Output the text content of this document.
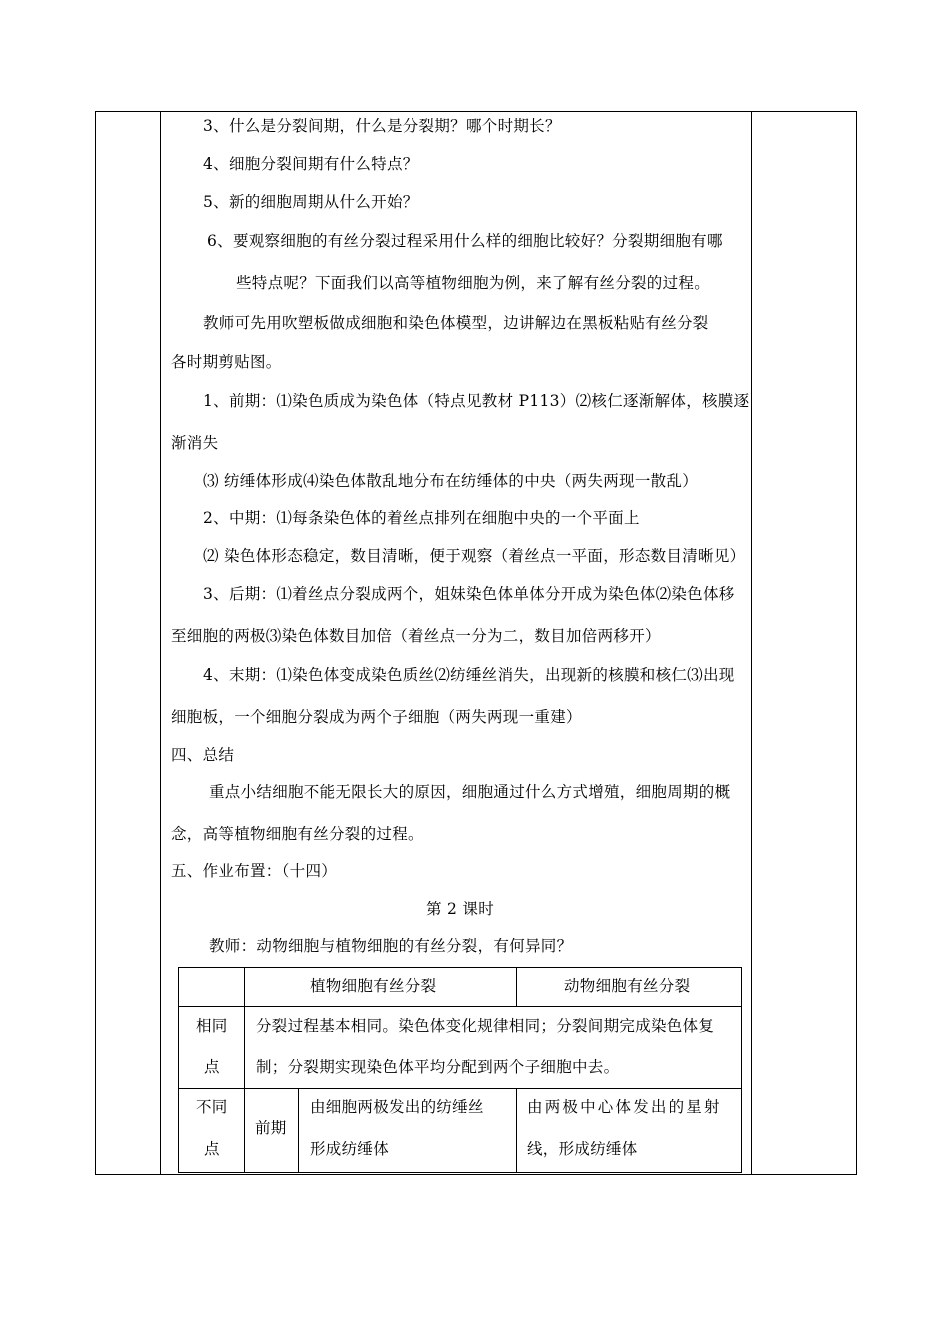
3、什么是分裂间期，什么是分裂期？哪个时期长？
4、细胞分裂间期有什么特点？
5、新的细胞周期从什么开始？
6、要观察细胞的有丝分裂过程采用什么样的细胞比较好？分裂期细胞有哪
些特点呢？下面我们以高等植物细胞为例，来了解有丝分裂的过程。
教师可先用吹塑板做成细胞和染色体模型，边讲解边在黑板粘贴有丝分裂
各时期剪贴图。
1、前期：⑴染色质成为染色体（特点见教材 P113）⑵核仁逐渐解体，核膜逐
渐消失
⑶ 纺缍体形成⑷染色体散乱地分布在纺缍体的中央（两失两现一散乱）
2、中期：⑴每条染色体的着丝点排列在细胞中央的一个平面上
⑵ 染色体形态稳定，数目清晰，便于观察（着丝点一平面，形态数目清晰见）
3、后期：⑴着丝点分裂成两个，姐妹染色体单体分开成为染色体⑵染色体移
至细胞的两极⑶染色体数目加倍（着丝点一分为二，数目加倍两移开）
4、末期：⑴染色体变成染色质丝⑵纺缍丝消失，出现新的核膜和核仁⑶出现
细胞板，一个细胞分裂成为两个子细胞（两失两现一重建）
四、总结
重点小结细胞不能无限长大的原因，细胞通过什么方式增殖，细胞周期的概
念，高等植物细胞有丝分裂的过程。
五、作业布置：（十四）
第 2 课时
教师：动物细胞与植物细胞的有丝分裂，有何异同？
植物细胞有丝分裂	动物细胞有丝分裂
相同
点
分裂过程基本相同。染色体变化规律相同；分裂间期完成染色体复
制；分裂期实现染色体平均分配到两个子细胞中去。
不同
点
前期
由细胞两极发出的纺缍丝
形成纺缍体
由两极中心体发出的星射
线，形成纺缍体
